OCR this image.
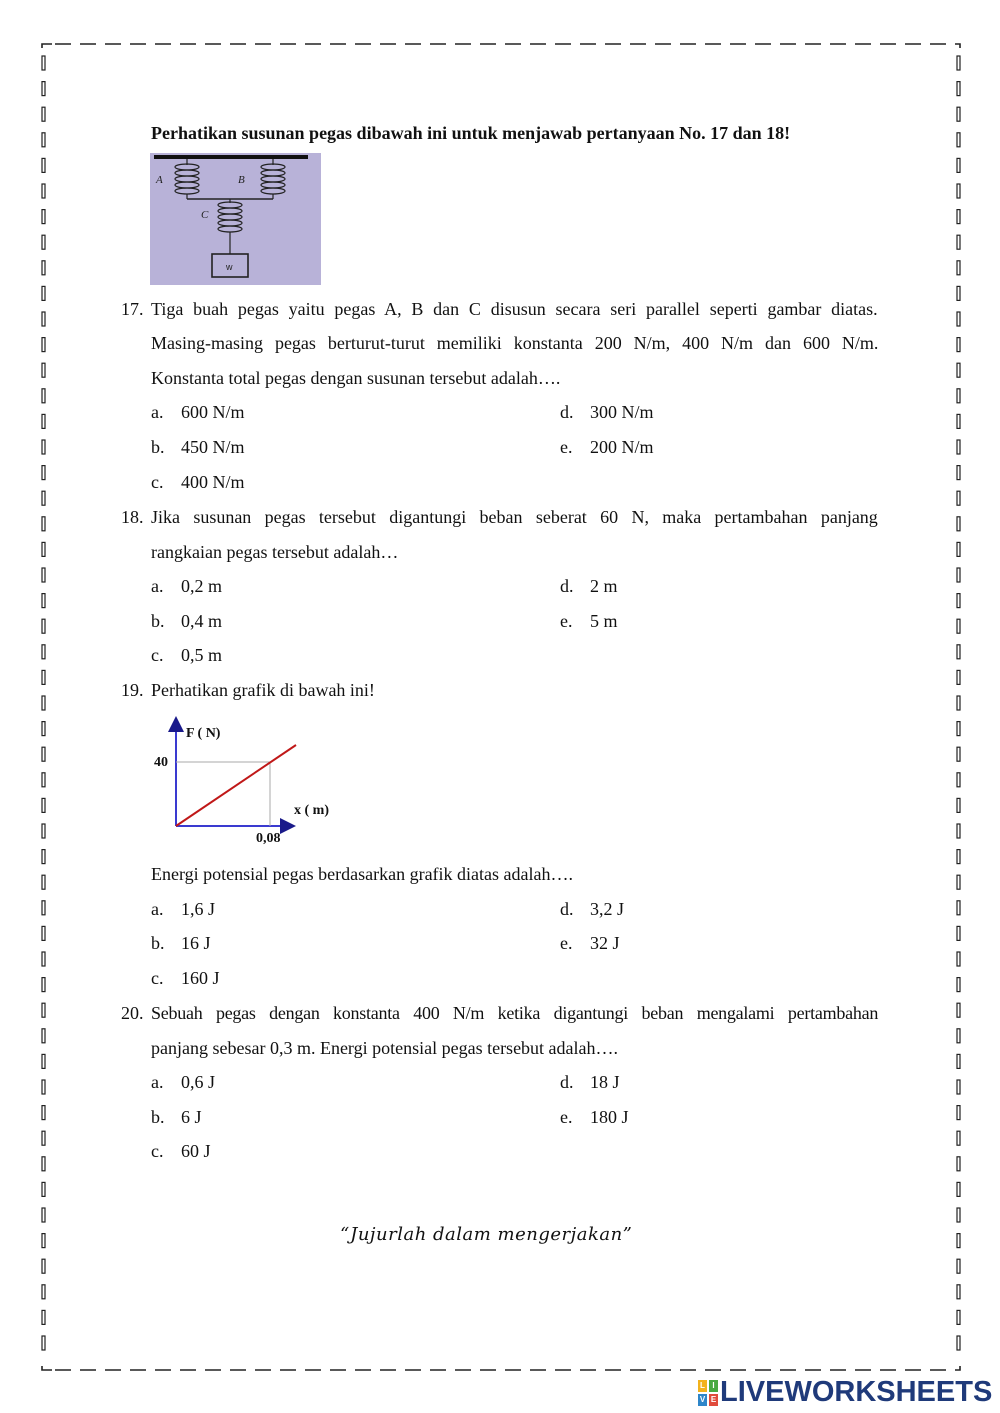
Perhatikan susunan pegas dibawah ini untuk menjawab pertanyaan No. 17 dan 18!
A	B
C
w
17. Tiga buah pegas yaitu pegas A, B dan C disusun secara seri parallel seperti gambar diatas.
Masing-masing pegas berturut-turut memiliki konstanta 200 N/m, 400 N/m dan 600 N/m.
Konstanta total pegas dengan susunan tersebut adalah….
a. 600 N/m
b. 450 N/m
c. 400 N/m
d. 300 N/m
e. 200 N/m
18. Jika susunan pegas tersebut digantungi beban seberat 60 N, maka pertambahan panjang
rangkaian pegas tersebut adalah…
a. 0,2 m
b. 0,4 m
c. 0,5 m
d. 2 m
e. 5 m
19. Perhatikan grafik di bawah ini!
F ( N)
x ( m)
40
0,08
Energi potensial pegas berdasarkan grafik diatas adalah….
a. 1,6 J
b. 16 J
c. 160 J
d. 3,2 J
e. 32 J
20. Sebuah pegas dengan konstanta 400 N/m ketika digantungi beban mengalami pertambahan
panjang sebesar 0,3 m. Energi potensial pegas tersebut adalah….
a. 0,6 J
b. 6 J
c. 60 J
d. 18 J
e. 180 J
“Jujurlah dalam mengerjakan”
L I
V E LIVEWORKSHEETS
